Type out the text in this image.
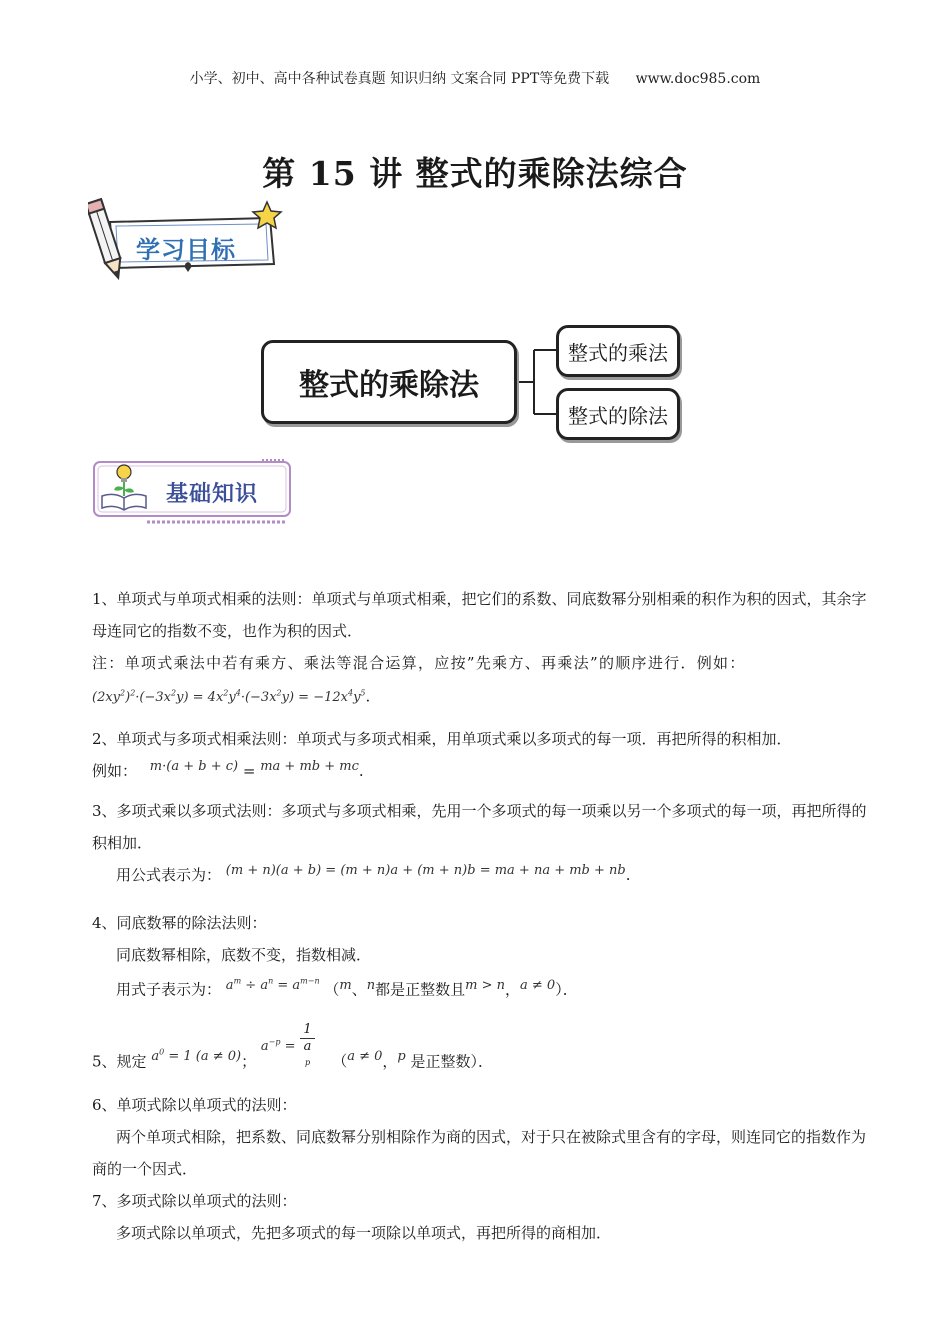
小学、初中、高中各种试卷真题 知识归纳 文案合同 PPT等免费下载 www.doc985.com
第 15 讲 整式的乘除法综合
学习目标
整式的乘除法
整式的乘法
整式的除法
基础知识

1、单项式与单项式相乘的法则：单项式与单项式相乘，把它们的系数、同底数幂分别相乘的积作为积的因式，其余字母连同它的指数不变，也作为积的因式．

注：单项式乘法中若有乘方、乘法等混合运算，应按”先乘方、再乘法”的顺序进行．例如：

$(2xy^2)^2\cdot(-3x^2y) = 4x^2y^4\cdot(-3x^2y) = -12x^4y^5$.

2、单项式与多项式相乘法则：单项式与多项式相乘，用单项式乘以多项式的每一项．再把所得的积相加．

例如： m·(a + b + c) = ma + mb + mc.

3、多项式乘以多项式法则：多项式与多项式相乘，先用一个多项式的每一项乘以另一个多项式的每一项，再把所得的积相加．

用公式表示为： (m + n)(a + b) = (m + n)a + (m + n)b = ma + na + mb + nb.

4、同底数幂的除法法则：

同底数幂相除，底数不变，指数相减．

用式子表示为： $a^m \div a^n = a^{m-n}$ （m、n都是正整数且m > n，a ≠ 0）．

5、规定 $a^0 = 1$ (a ≠ 0)； $a^{-p} = 1$
a
$^p$ （a ≠ 0，p 是正整数）．

6、单项式除以单项式的法则：

两个单项式相除，把系数、同底数幂分别相除作为商的因式，对于只在被除式里含有的字母，则连同它的指数作为商的一个因式．

7、多项式除以单项式的法则：

多项式除以单项式，先把多项式的每一项除以单项式，再把所得的商相加．
